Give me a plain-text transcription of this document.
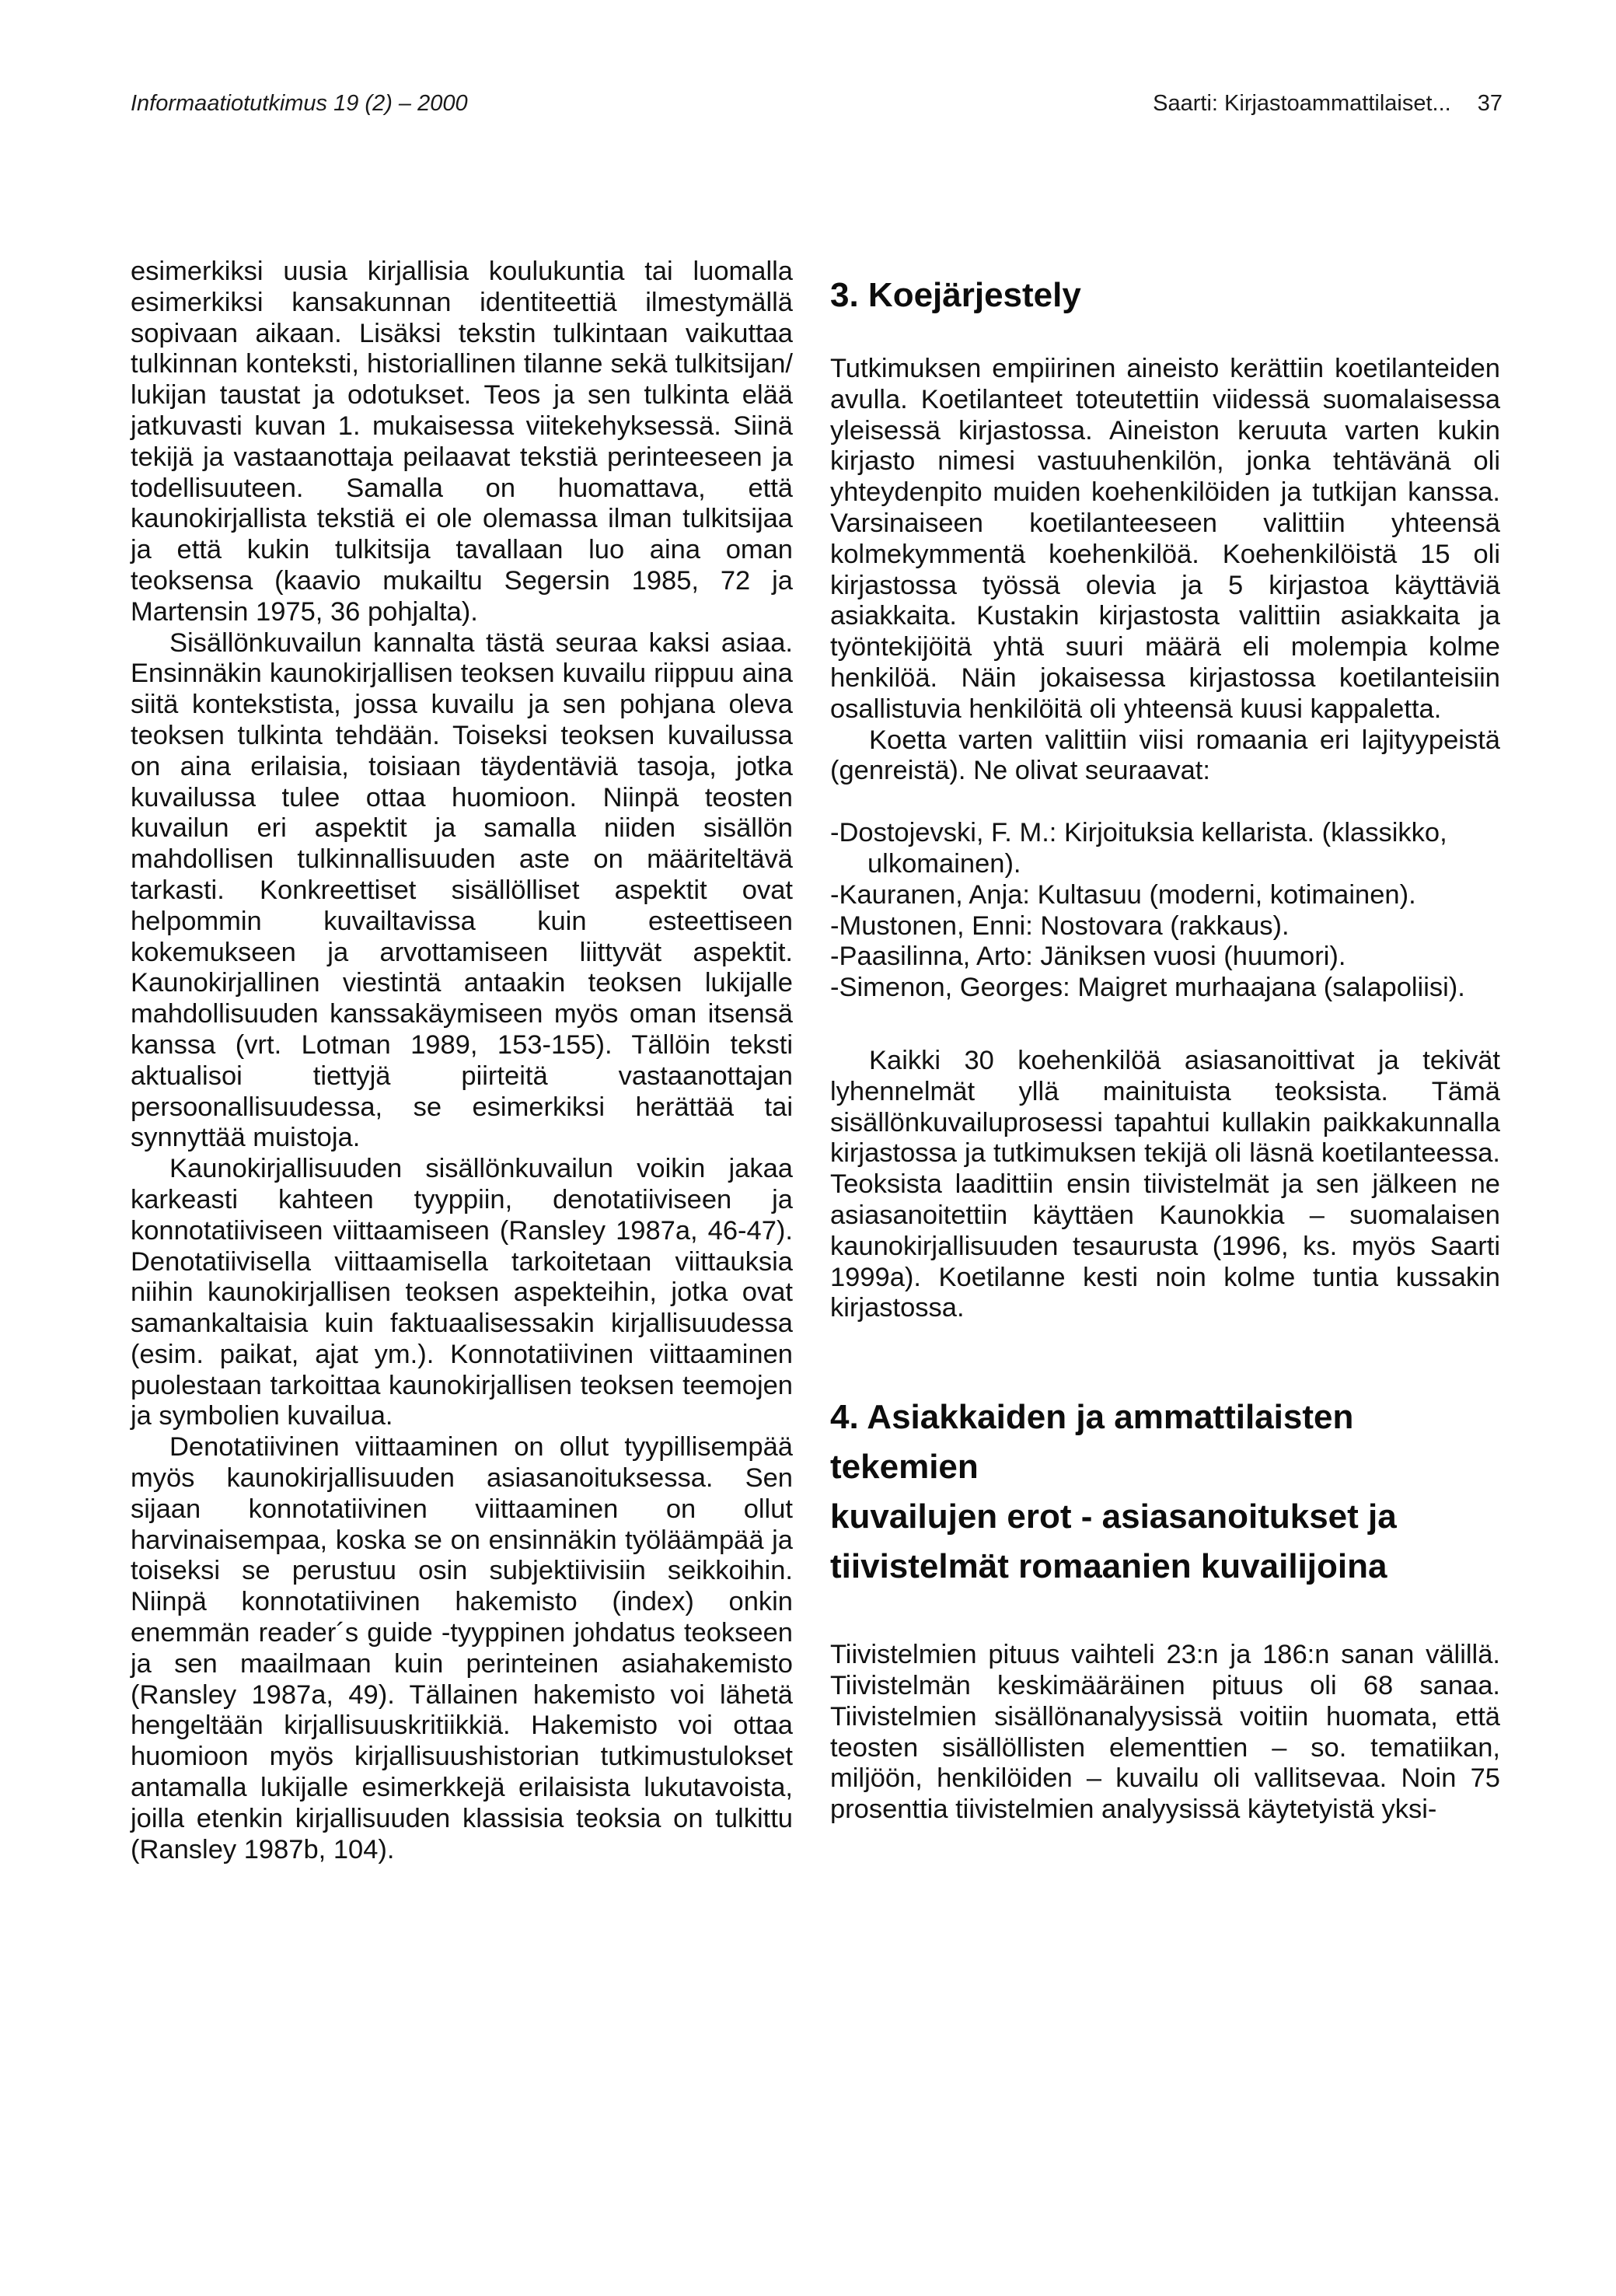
Informaatiotutkimus 19 (2) – 2000	Saarti: Kirjastoammattilaiset... 37

esimerkiksi uusia kirjallisia koulukuntia tai luomalla esimerkiksi kansakunnan identiteettiä ilmestymällä sopivaan aikaan. Lisäksi tekstin tulkintaan vaikuttaa tulkinnan konteksti, historiallinen tilanne sekä tulkitsijan/ lukijan taustat ja odotukset. Teos ja sen tulkinta elää jatkuvasti kuvan 1. mukaisessa viitekehyksessä. Siinä tekijä ja vastaanottaja peilaavat tekstiä perinteeseen ja todellisuuteen. Samalla on huomattava, että kaunokirjallista tekstiä ei ole olemassa ilman tulkitsijaa ja että kukin tulkitsija tavallaan luo aina oman teoksensa (kaavio mukailtu Segersin 1985, 72 ja Martensin 1975, 36 pohjalta).

Sisällönkuvailun kannalta tästä seuraa kaksi asiaa. Ensinnäkin kaunokirjallisen teoksen kuvailu riippuu aina siitä kontekstista, jossa kuvailu ja sen pohjana oleva teoksen tulkinta tehdään. Toiseksi teoksen kuvailussa on aina erilaisia, toisiaan täydentäviä tasoja, jotka kuvailussa tulee ottaa huomioon. Niinpä teosten kuvailun eri aspektit ja samalla niiden sisällön mahdollisen tulkinnallisuuden aste on määriteltävä tarkasti. Konkreettiset sisällölliset aspektit ovat helpommin kuvailtavissa kuin esteettiseen kokemukseen ja arvottamiseen liittyvät aspektit. Kaunokirjallinen viestintä antaakin teoksen lukijalle mahdollisuuden kanssakäymiseen myös oman itsensä kanssa (vrt. Lotman 1989, 153-155). Tällöin teksti aktualisoi tiettyjä piirteitä vastaanottajan persoonallisuudessa, se esimerkiksi herättää tai synnyttää muistoja.

Kaunokirjallisuuden sisällönkuvailun voikin jakaa karkeasti kahteen tyyppiin, denotatiiviseen ja konnotatiiviseen viittaamiseen (Ransley 1987a, 46-47). Denotatiivisella viittaamisella tarkoitetaan viittauksia niihin kaunokirjallisen teoksen aspekteihin, jotka ovat samankaltaisia kuin faktuaalisessakin kirjallisuudessa (esim. paikat, ajat ym.). Konnotatiivinen viittaaminen puolestaan tarkoittaa kaunokirjallisen teoksen teemojen ja symbolien kuvailua.

Denotatiivinen viittaaminen on ollut tyypillisempää myös kaunokirjallisuuden asiasanoituksessa. Sen sijaan konnotatiivinen viittaaminen on ollut harvinaisempaa, koska se on ensinnäkin työläämpää ja toiseksi se perustuu osin subjektiivisiin seikkoihin. Niinpä konnotatiivinen hakemisto (index) onkin enemmän reader´s guide -tyyppinen johdatus teokseen ja sen maailmaan kuin perinteinen asiahakemisto (Ransley 1987a, 49). Tällainen hakemisto voi lähetä hengeltään kirjallisuuskritiikkiä. Hakemisto voi ottaa huomioon myös kirjallisuushistorian tutkimustulokset antamalla lukijalle esimerkkejä erilaisista lukutavoista, joilla etenkin kirjallisuuden klassisia teoksia on tulkittu (Ransley 1987b, 104).

3. Koejärjestely

Tutkimuksen empiirinen aineisto kerättiin koetilanteiden avulla. Koetilanteet toteutettiin viidessä suomalaisessa yleisessä kirjastossa. Aineiston keruuta varten kukin kirjasto nimesi vastuuhenkilön, jonka tehtävänä oli yhteydenpito muiden koehenkilöiden ja tutkijan kanssa. Varsinaiseen koetilanteeseen valittiin yhteensä kolmekymmentä koehenkilöä. Koehenkilöistä 15 oli kirjastossa työssä olevia ja 5 kirjastoa käyttäviä asiakkaita. Kustakin kirjastosta valittiin asiakkaita ja työntekijöitä yhtä suuri määrä eli molempia kolme henkilöä. Näin jokaisessa kirjastossa koetilanteisiin osallistuvia henkilöitä oli yhteensä kuusi kappaletta.

Koetta varten valittiin viisi romaania eri lajityypeistä (genreistä). Ne olivat seuraavat:

-Dostojevski, F. M.: Kirjoituksia kellarista. (klassikko, ulkomainen).
-Kauranen, Anja: Kultasuu (moderni, kotimainen).
-Mustonen, Enni: Nostovara (rakkaus).
-Paasilinna, Arto: Jäniksen vuosi (huumori).
-Simenon, Georges: Maigret murhaajana (salapoliisi).

Kaikki 30 koehenkilöä asiasanoittivat ja tekivät lyhennelmät yllä mainituista teoksista. Tämä sisällönkuvailuprosessi tapahtui kullakin paikkakunnalla kirjastossa ja tutkimuksen tekijä oli läsnä koetilanteessa. Teoksista laadittiin ensin tiivistelmät ja sen jälkeen ne asiasanoitettiin käyttäen Kaunokkia – suomalaisen kaunokirjallisuuden tesaurusta (1996, ks. myös Saarti 1999a). Koetilanne kesti noin kolme tuntia kussakin kirjastossa.

4. Asiakkaiden ja ammattilaisten tekemien
kuvailujen erot - asiasanoitukset ja
tiivistelmät romaanien kuvailijoina

Tiivistelmien pituus vaihteli 23:n ja 186:n sanan välillä. Tiivistelmän keskimääräinen pituus oli 68 sanaa. Tiivistelmien sisällönanalyysissä voitiin huomata, että teosten sisällöllisten elementtien – so. tematiikan, miljöön, henkilöiden – kuvailu oli vallitsevaa. Noin 75 prosenttia tiivistelmien analyysissä käytetyistä yksi-
